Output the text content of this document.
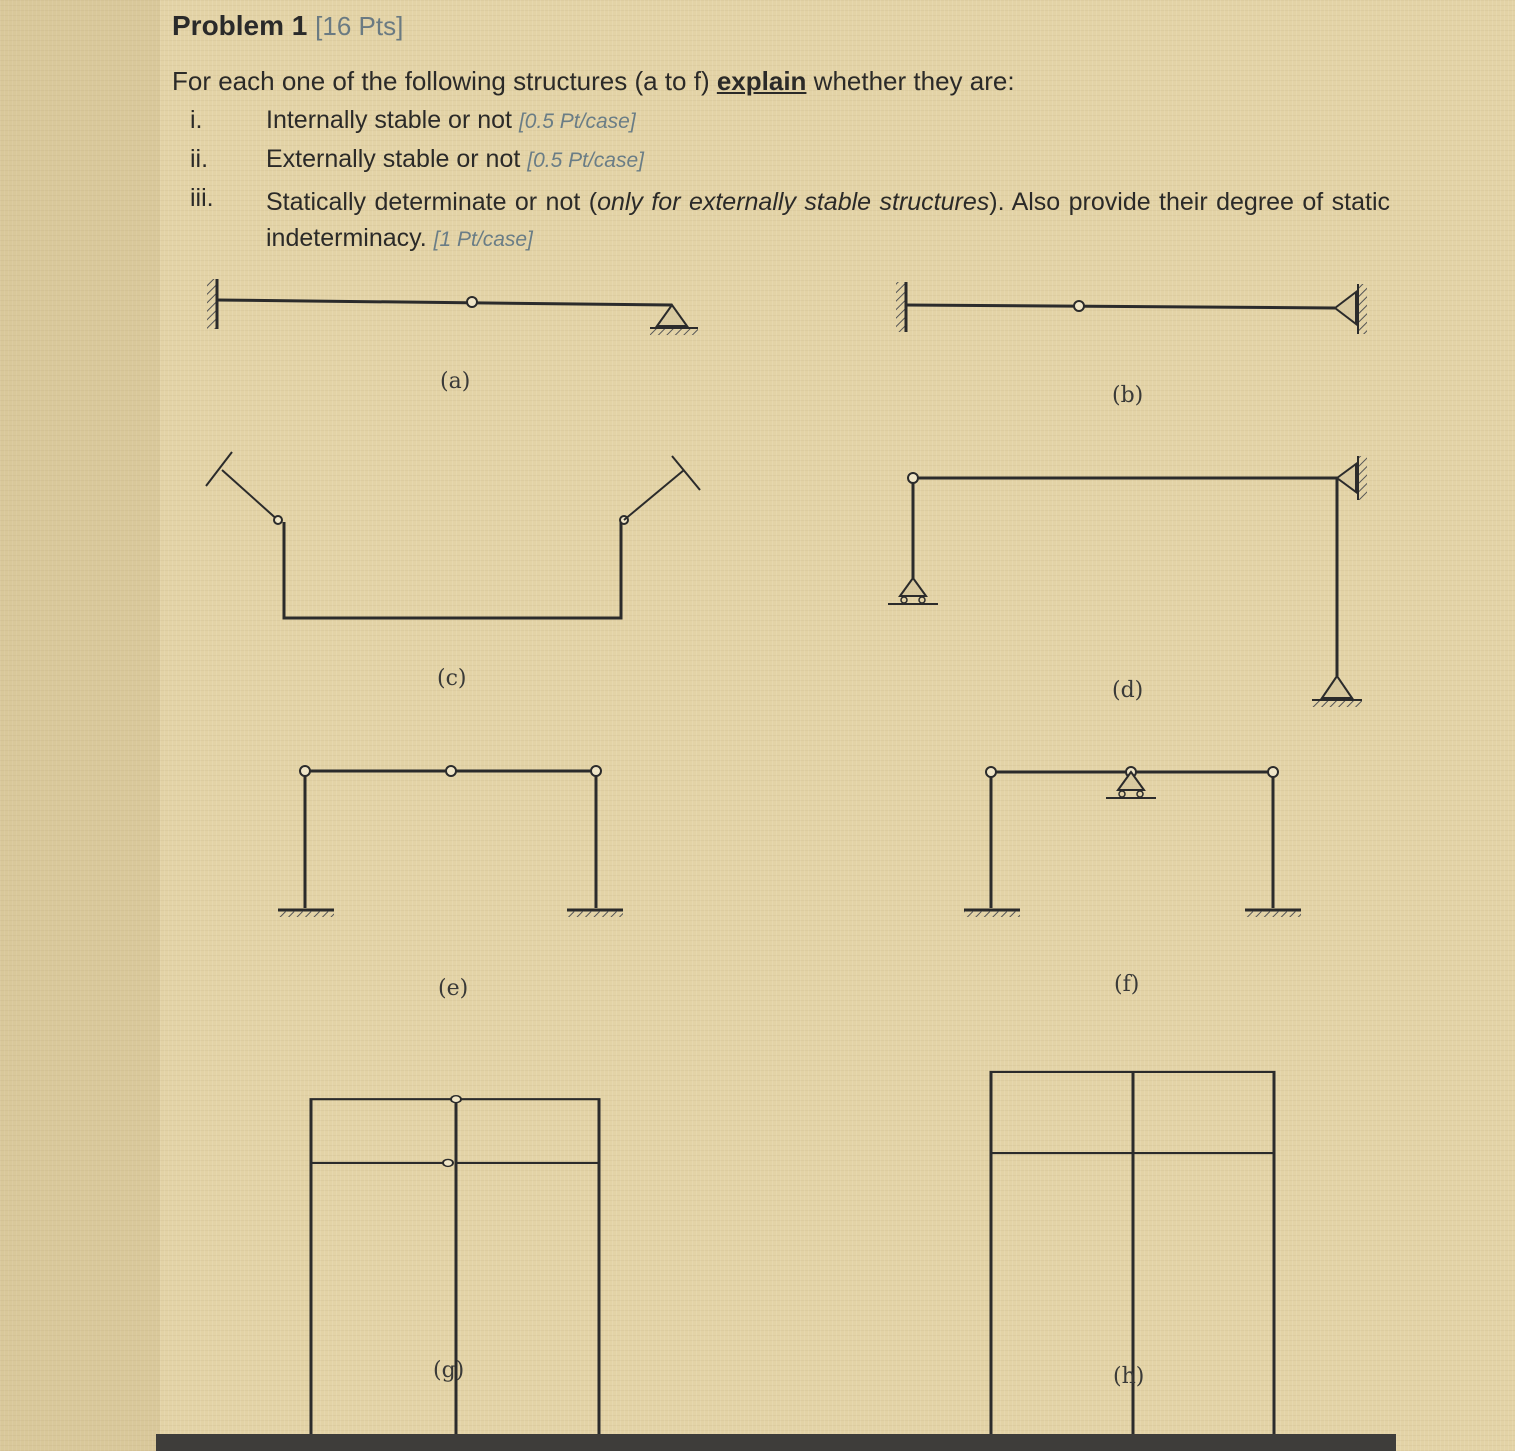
Problem 1 [16 Pts]
For each one of the following structures (a to f) explain whether they are:
i.	Internally stable or not [0.5 Pt/case]
ii. Externally stable or not [0.5 Pt/case]
iii. Statically determinate or not (only for externally stable structures). Also provide their degree of static indeterminacy. [1 Pt/case]
(a)
(b)
(c)	(d)
(e)	(f)
(g)	(h)
